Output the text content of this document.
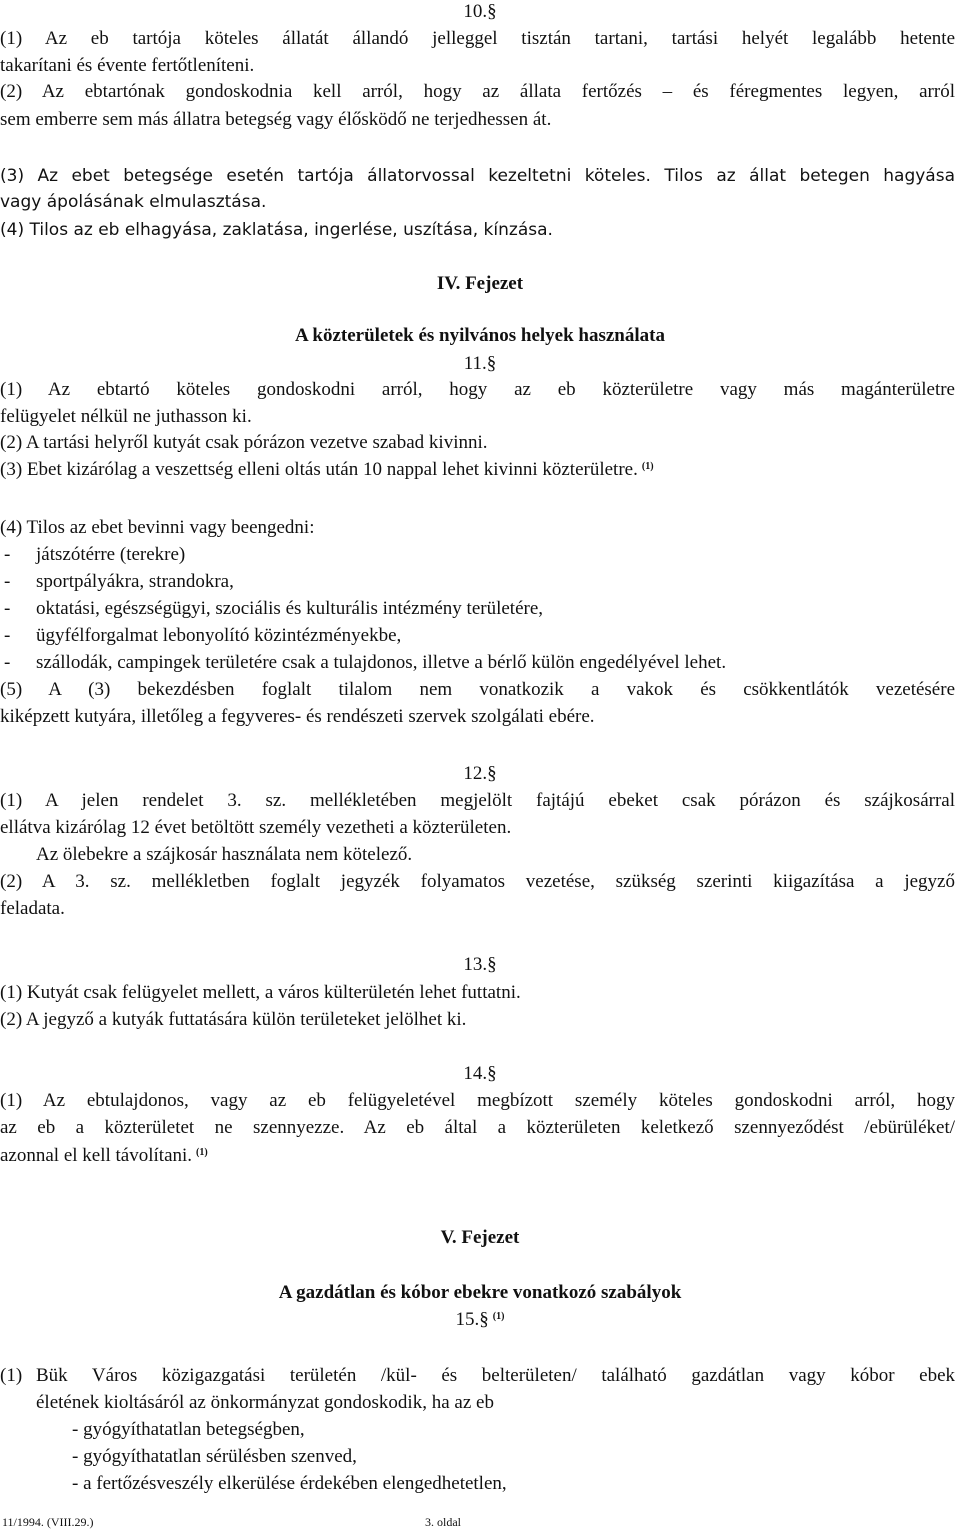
10.§
(1) Az eb tartója köteles állatát állandó jelleggel tisztán tartani, tartási helyét legalább hetente
takarítani és évente fertőtleníteni.
(2) Az ebtartónak gondoskodnia kell arról, hogy az állata fertőzés – és féregmentes legyen, arról
sem emberre sem más állatra betegség vagy élősködő ne terjedhessen át.
(3) Az ebet betegsége esetén tartója állatorvossal kezeltetni köteles. Tilos az állat betegen hagyása
vagy ápolásának elmulasztása.
(4) Tilos az eb elhagyása, zaklatása, ingerlése, uszítása, kínzása.
IV. Fejezet
A közterületek és nyilvános helyek használata
11.§
(1) Az ebtartó köteles gondoskodni arról, hogy az eb közterületre vagy más magánterületre
felügyelet nélkül ne juthasson ki.
(2) A tartási helyről kutyát csak pórázon vezetve szabad kivinni.
(3) Ebet kizárólag a veszettség elleni oltás után 10 nappal lehet kivinni közterületre. $^{(1)}$
(4) Tilos az ebet bevinni vagy beengedni:
- játszótérre (terekre)
- sportpályákra, strandokra,
- oktatási, egészségügyi, szociális és kulturális intézmény területére,
- ügyfélforgalmat lebonyolító közintézményekbe,
- szállodák, campingek területére csak a tulajdonos, illetve a bérlő külön engedélyével lehet.
(5) A (3) bekezdésben foglalt tilalom nem vonatkozik a vakok és csökkentlátók vezetésére
kiképzett kutyára, illetőleg a fegyveres- és rendészeti szervek szolgálati ebére.
12.§
(1) A jelen rendelet 3. sz. mellékletében megjelölt fajtájú ebeket csak pórázon és szájkosárral
ellátva kizárólag 12 évet betöltött személy vezetheti a közterületen.
Az ölebekre a szájkosár használata nem kötelező.
(2) A 3. sz. mellékletben foglalt jegyzék folyamatos vezetése, szükség szerinti kiigazítása a jegyző
feladata.
13.§
(1) Kutyát csak felügyelet mellett, a város külterületén lehet futtatni.
(2) A jegyző a kutyák futtatására külön területeket jelölhet ki.
14.§
(1) Az ebtulajdonos, vagy az eb felügyeletével megbízott személy köteles gondoskodni arról, hogy
az eb a közterületet ne szennyezze. Az eb által a közterületen keletkező szennyeződést /ebürüléket/
azonnal el kell távolítani. $^{(1)}$
V. Fejezet
A gazdátlan és kóbor ebekre vonatkozó szabályok
15.§ $^{(1)}$
(1) Bük Város közigazgatási területén /kül- és belterületen/ található gazdátlan vagy kóbor ebek
életének kioltásáról az önkormányzat gondoskodik, ha az eb
- gyógyíthatatlan betegségben,
- gyógyíthatatlan sérülésben szenved,
- a fertőzésveszély elkerülése érdekében elengedhetetlen,
11/1994. (VIII.29.)	3. oldal
